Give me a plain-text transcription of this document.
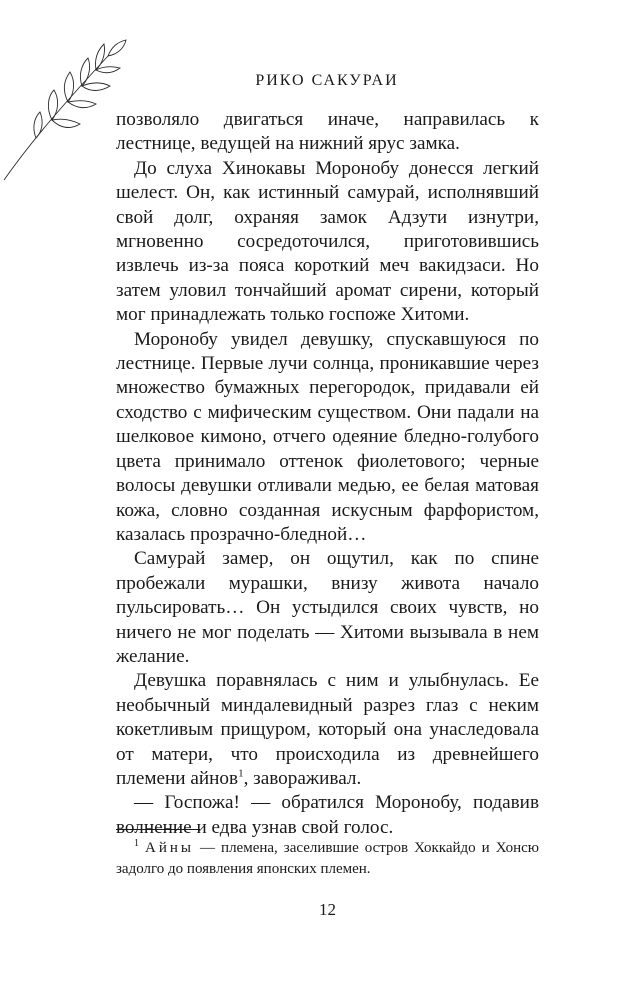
РИКО САКУРАИ

позволяло двигаться иначе, направилась к лестнице, ведущей на нижний ярус замка.

До слуха Хинокавы Моронобу донесся легкий шелест. Он, как истинный самурай, исполнявший свой долг, охраняя замок Адзути изнутри, мгновенно сосредоточился, приготовившись извлечь из-за пояса короткий меч вакидзаси. Но затем уловил тончайший аромат сирени, который мог принадлежать только госпоже Хитоми.

Моронобу увидел девушку, спускавшуюся по лестнице. Первые лучи солнца, проникавшие через множество бумажных перегородок, придавали ей сходство с мифическим существом. Они падали на шелковое кимоно, отчего одеяние бледно-голубого цвета принимало оттенок фиолетового; черные волосы девушки отливали медью, ее белая матовая кожа, словно созданная искусным фарфористом, казалась прозрачно-бледной…

Самурай замер, он ощутил, как по спине пробежали мурашки, внизу живота начало пульсировать… Он устыдился своих чувств, но ничего не мог поделать — Хитоми вызывала в нем желание.

Девушка поравнялась с ним и улыбнулась. Ее необычный миндалевидный разрез глаз с неким кокетливым прищуром, который она унаследовала от матери, что происходила из древнейшего племени айнов$^1$, завораживал.

— Госпожа! — обратился Моронобу, подавив волнение и едва узнав свой голос.

$^1$ Айны — племена, заселившие остров Хоккайдо и Хонсю задолго до появления японских племен.
12
